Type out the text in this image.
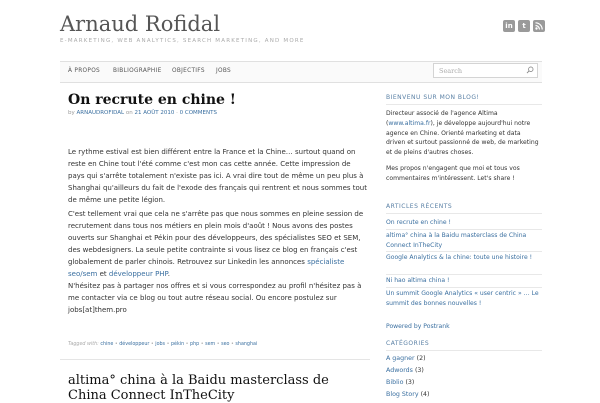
Arnaud Rofidal
E-MARKETING, WEB ANALYTICS, SEARCH MARKETING, AND MORE
in	t
À PROPOS BIBLIOGRAPHIE OBJECTIFS JOBS	Search
On recrute en chine !
by ARNAUDROFIDAL on 21 AOÛT 2010 · 0 COMMENTS
Le rythme estival est bien différent entre la France et la Chine… surtout quand on reste en Chine tout l'été comme c'est mon cas cette année. Cette impression de pays qui s'arrête totalement n'existe pas ici. A vrai dire tout de même un peu plus à Shanghai qu'ailleurs du fait de l'exode des français qui rentrent et nous sommes tout de même une petite légion.
C'est tellement vrai que cela ne s'arrête pas que nous sommes en pleine session de recrutement dans tous nos métiers en plein mois d'août ! Nous avons des postes ouverts sur Shanghai et Pékin pour des développeurs, des spécialistes SEO et SEM, des webdesigners. La seule petite contrainte si vous lisez ce blog en français c'est globalement de parler chinois. Retrouvez sur Linkedin les annonces spécialiste seo/sem et développeur PHP.
N'hésitez pas à partager nos offres et si vous correspondez au profil n'hésitez pas à me contacter via ce blog ou tout autre réseau social. Ou encore postulez sur jobs[at]them.pro
Tagged with: chine • développeur • jobs • pékin • php • sem • seo • shanghai
altima° china à la Baidu masterclass de China Connect InTheCity
BIENVENU SUR MON BLOG!
Directeur associé de l'agence Altima (www.altima.fr), je développe aujourd'hui notre agence en Chine. Orienté marketing et data driven et surtout passionné de web, de marketing et de pleins d'autres choses.
Mes propos n'engagent que moi et tous vos commentaires m'intéressent. Let's share !
ARTICLES RÉCENTS
On recrute en chine !
altima° china à la Baidu masterclass de China Connect InTheCity
Google Analytics & la chine: toute une histoire !
Ni hao altima china !
Un summit Google Analytics « user centric » … Le summit des bonnes nouvelles !
Powered by Postrank
CATÉGORIES
A gagner (2)
Adwords (3)
Biblio (3)
Blog Story (4)
